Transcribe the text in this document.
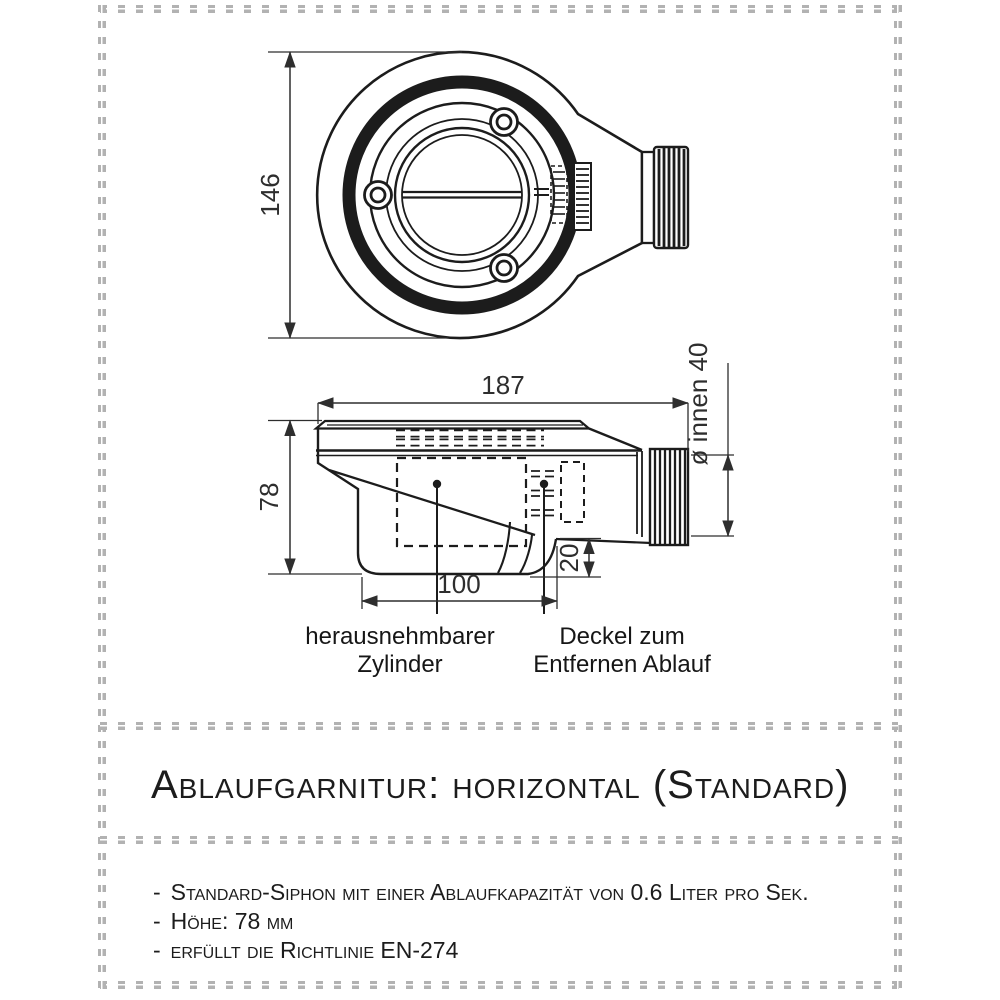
146
187
78
100
20
ø innen 40
herausnehmbarer
Zylinder
Deckel zum
Entfernen Ablauf
Ablaufgarnitur: horizontal (Standard)
- Standard-Siphon mit einer Ablaufkapazität von 0.6 Liter pro Sek.
- Höhe: 78 mm
- erfüllt die Richtlinie EN-274
